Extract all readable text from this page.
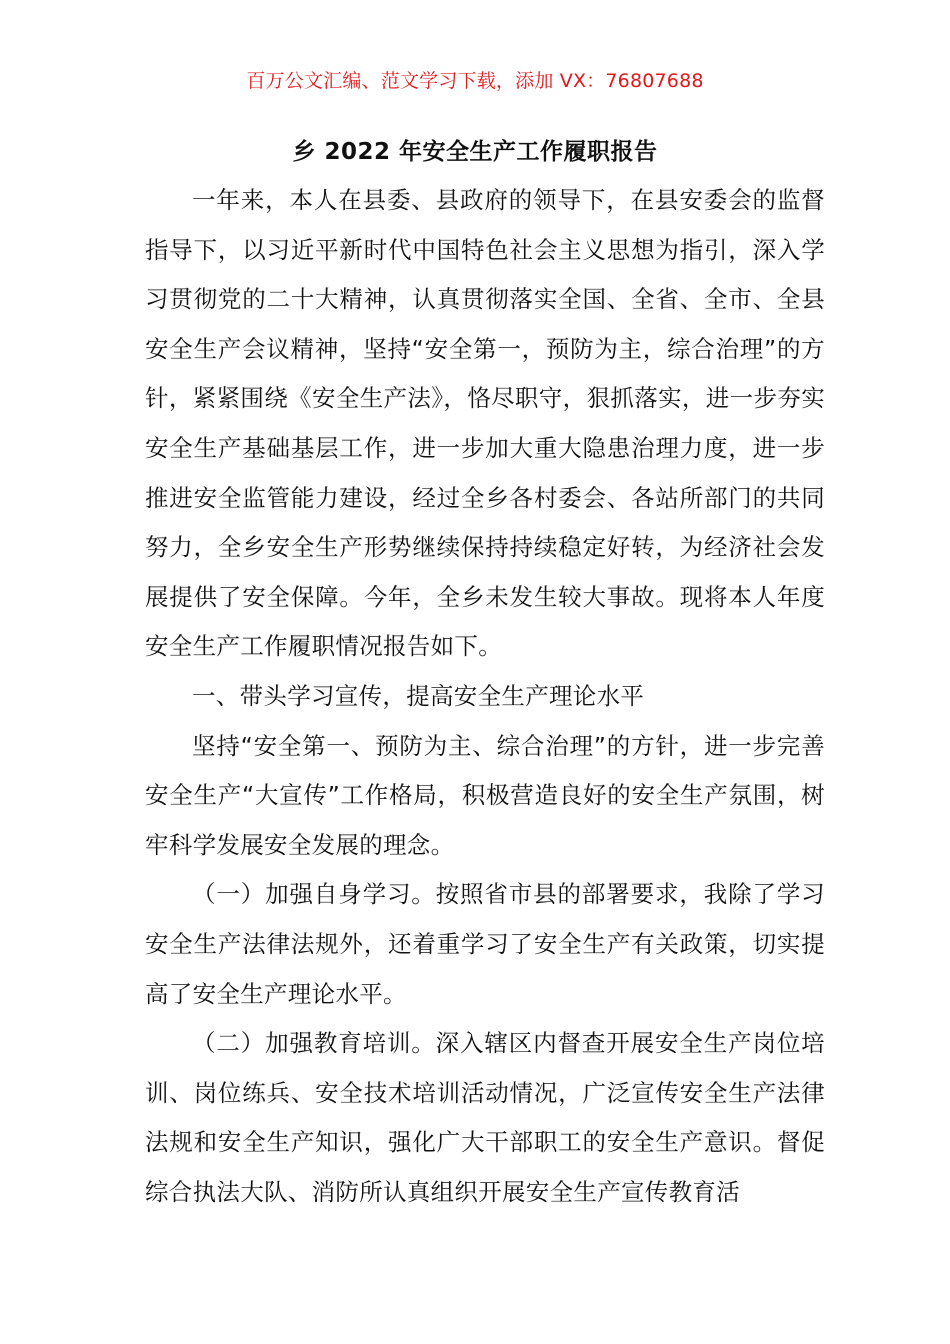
百万公文汇编、范文学习下载，添加 VX：76807688
乡 2022 年安全生产工作履职报告

一年来，本人在县委、县政府的领导下，在县安委会的监督指导下，以习近平新时代中国特色社会主义思想为指引，深入学习贯彻党的二十大精神，认真贯彻落实全国、全省、全市、全县安全生产会议精神，坚持“安全第一，预防为主，综合治理”的方针，紧紧围绕《安全生产法》，恪尽职守，狠抓落实，进一步夯实安全生产基础基层工作，进一步加大重大隐患治理力度，进一步推进安全监管能力建设，经过全乡各村委会、各站所部门的共同努力，全乡安全生产形势继续保持持续稳定好转，为经济社会发展提供了安全保障。今年，全乡未发生较大事故。现将本人年度安全生产工作履职情况报告如下。

一、带头学习宣传，提高安全生产理论水平

坚持“安全第一、预防为主、综合治理”的方针，进一步完善安全生产“大宣传”工作格局，积极营造良好的安全生产氛围，树牢科学发展安全发展的理念。

（一）加强自身学习。按照省市县的部署要求，我除了学习安全生产法律法规外，还着重学习了安全生产有关政策，切实提高了安全生产理论水平。

（二）加强教育培训。深入辖区内督查开展安全生产岗位培训、岗位练兵、安全技术培训活动情况，广泛宣传安全生产法律法规和安全生产知识，强化广大干部职工的安全生产意识。督促综合执法大队、消防所认真组织开展安全生产宣传教育活
